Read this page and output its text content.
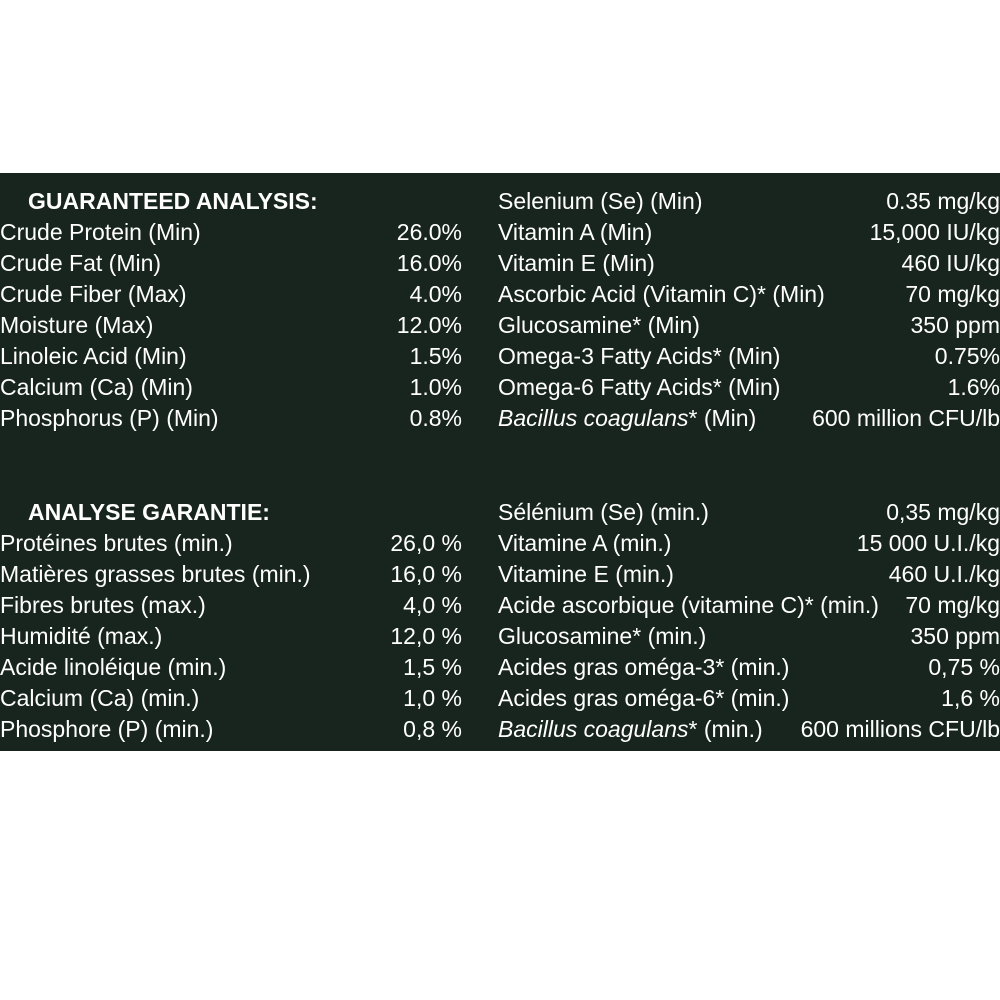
GUARANTEED ANALYSIS:
Crude Protein (Min)	26.0%
Crude Fat (Min)	16.0%
Crude Fiber (Max)	4.0%
Moisture (Max)	12.0%
Linoleic Acid (Min)	1.5%
Calcium (Ca) (Min)	1.0%
Phosphorus (P) (Min)	0.8%
ANALYSE GARANTIE:
Protéines brutes (min.)	26,0 %
Matières grasses brutes (min.)	16,0 %
Fibres brutes (max.)	4,0 %
Humidité (max.)	12,0 %
Acide linoléique (min.)	1,5 %
Calcium (Ca) (min.)	1,0 %
Phosphore (P) (min.)	0,8 %
Selenium (Se) (Min)	0.35 mg/kg
Vitamin A (Min)	15,000 IU/kg
Vitamin E (Min)	460 IU/kg
Ascorbic Acid (Vitamin C)* (Min)	70 mg/kg
Glucosamine* (Min)	350 ppm
Omega-3 Fatty Acids* (Min)	0.75%
Omega-6 Fatty Acids* (Min)	1.6%
Bacillus coagulans* (Min) 600 million CFU/lb
Sélénium (Se) (min.)	0,35 mg/kg
Vitamine A (min.)	15 000 U.I./kg
Vitamine E (min.)	460 U.I./kg
Acide ascorbique (vitamine C)* (min.) 70 mg/kg
Glucosamine* (min.)	350 ppm
Acides gras oméga-3* (min.)	0,75 %
Acides gras oméga-6* (min.)	1,6 %
Bacillus coagulans* (min.) 600 millions CFU/lb
